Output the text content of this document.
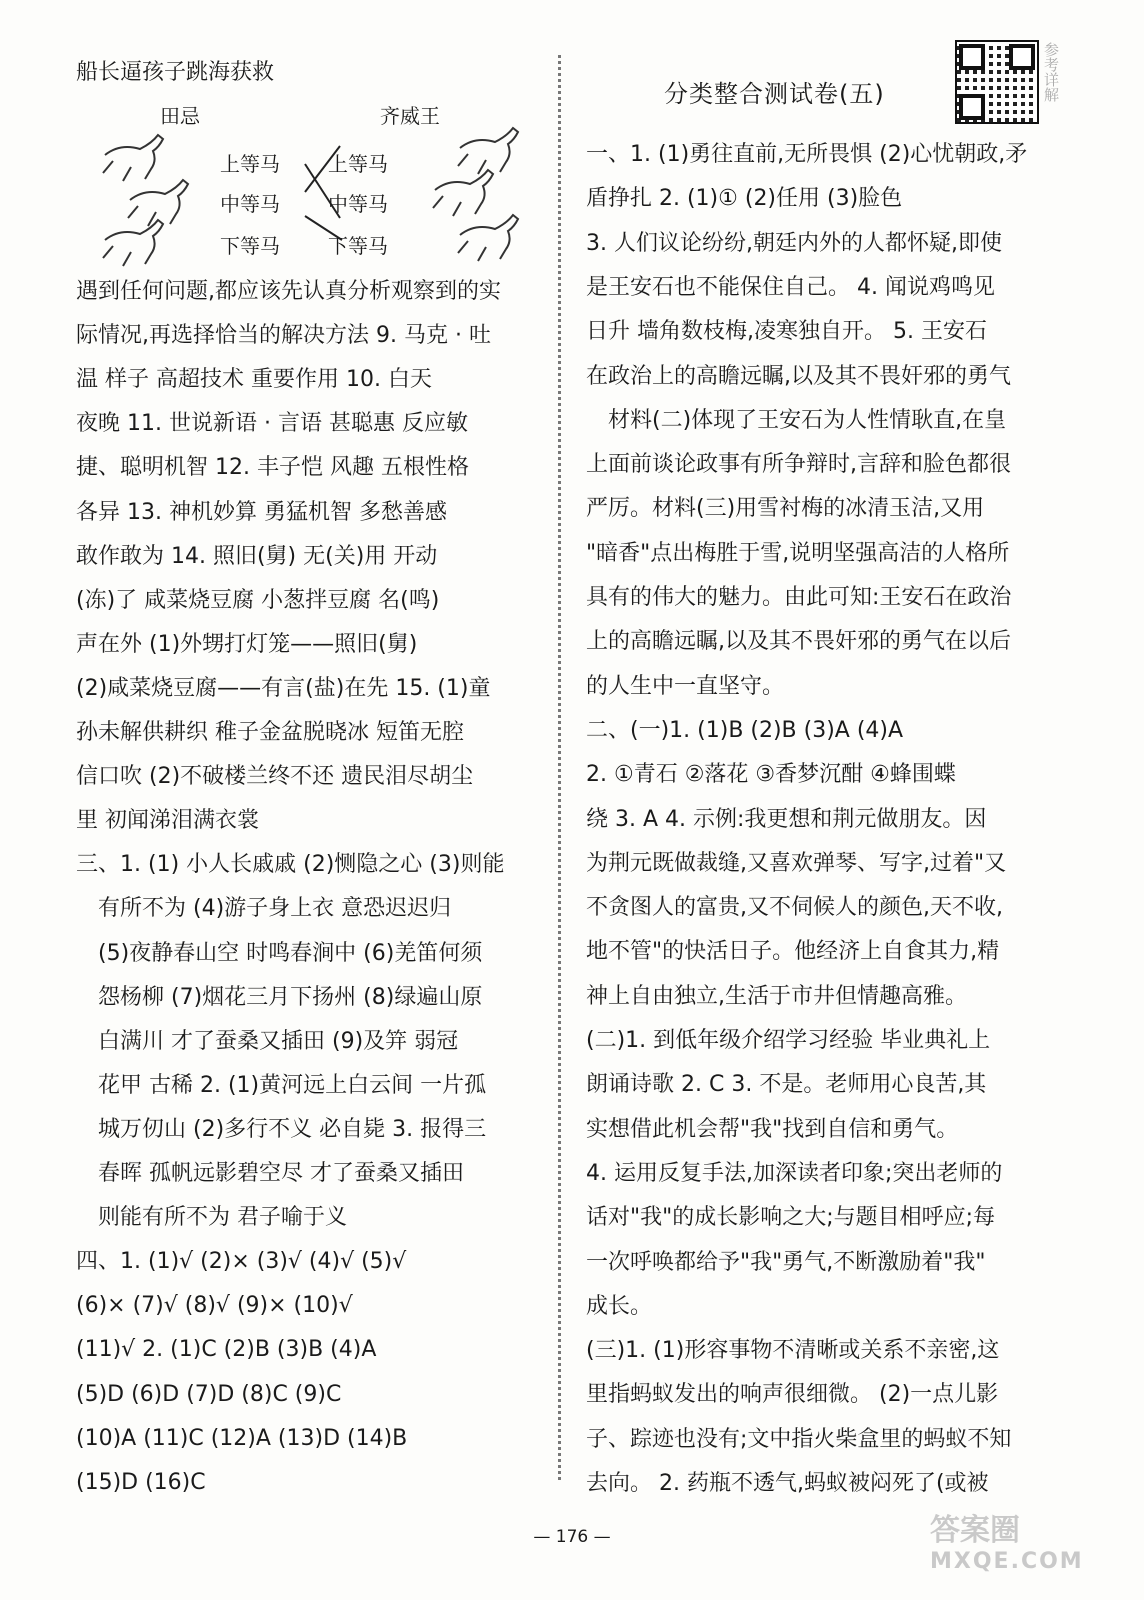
船长逼孩子跳海获救
田忌	齐威王
上等马
中等马
下等马
上等马
中等马
下等马
遇到任何问题,都应该先认真分析观察到的实
际情况,再选择恰当的解决方法 9. 马克 · 吐
温 样子 高超技术 重要作用 10. 白天
夜晚 11. 世说新语 · 言语 甚聪惠 反应敏
捷、聪明机智 12. 丰子恺 风趣 五根性格
各异 13. 神机妙算 勇猛机智 多愁善感
敢作敢为 14. 照旧(舅) 无(关)用 开动
(冻)了 咸菜烧豆腐 小葱拌豆腐 名(鸣)
声在外 (1)外甥打灯笼——照旧(舅)
(2)咸菜烧豆腐——有言(盐)在先 15. (1)童
孙未解供耕织 稚子金盆脱晓冰 短笛无腔
信口吹 (2)不破楼兰终不还 遗民泪尽胡尘
里 初闻涕泪满衣裳
三、1. (1) 小人长戚戚 (2)恻隐之心 (3)则能
有所不为 (4)游子身上衣 意恐迟迟归
(5)夜静春山空 时鸣春涧中 (6)羌笛何须
怨杨柳 (7)烟花三月下扬州 (8)绿遍山原
白满川 才了蚕桑又插田 (9)及笄 弱冠
花甲 古稀 2. (1)黄河远上白云间 一片孤
城万仞山 (2)多行不义 必自毙 3. 报得三
春晖 孤帆远影碧空尽 才了蚕桑又插田
则能有所不为 君子喻于义
四、1. (1)√ (2)× (3)√ (4)√ (5)√
(6)× (7)√ (8)√ (9)× (10)√
(11)√ 2. (1)C (2)B (3)B (4)A
(5)D (6)D (7)D (8)C (9)C
(10)A (11)C (12)A (13)D (14)B
(15)D (16)C
分类整合测试卷(五)	参考详解
一、1. (1)勇往直前,无所畏惧 (2)心忧朝政,矛
盾挣扎 2. (1)① (2)任用 (3)脸色
3. 人们议论纷纷,朝廷内外的人都怀疑,即使
是王安石也不能保住自己。 4. 闻说鸡鸣见
日升 墙角数枝梅,凌寒独自开。 5. 王安石
在政治上的高瞻远瞩,以及其不畏奸邪的勇气
材料(二)体现了王安石为人性情耿直,在皇
上面前谈论政事有所争辩时,言辞和脸色都很
严厉。材料(三)用雪衬梅的冰清玉洁,又用
"暗香"点出梅胜于雪,说明坚强高洁的人格所
具有的伟大的魅力。由此可知:王安石在政治
上的高瞻远瞩,以及其不畏奸邪的勇气在以后
的人生中一直坚守。
二、(一)1. (1)B (2)B (3)A (4)A
2. ①青石 ②落花 ③香梦沉酣 ④蜂围蝶
绕 3. A 4. 示例:我更想和荆元做朋友。因
为荆元既做裁缝,又喜欢弹琴、写字,过着"又
不贪图人的富贵,又不伺候人的颜色,天不收,
地不管"的快活日子。他经济上自食其力,精
神上自由独立,生活于市井但情趣高雅。
(二)1. 到低年级介绍学习经验 毕业典礼上
朗诵诗歌 2. C 3. 不是。老师用心良苦,其
实想借此机会帮"我"找到自信和勇气。
4. 运用反复手法,加深读者印象;突出老师的
话对"我"的成长影响之大;与题目相呼应;每
一次呼唤都给予"我"勇气,不断激励着"我"
成长。
(三)1. (1)形容事物不清晰或关系不亲密,这
里指蚂蚁发出的响声很细微。 (2)一点儿影
子、踪迹也没有;文中指火柴盒里的蚂蚁不知
去向。 2. 药瓶不透气,蚂蚁被闷死了(或被
— 176 —	答案圈
MXQE.COM
